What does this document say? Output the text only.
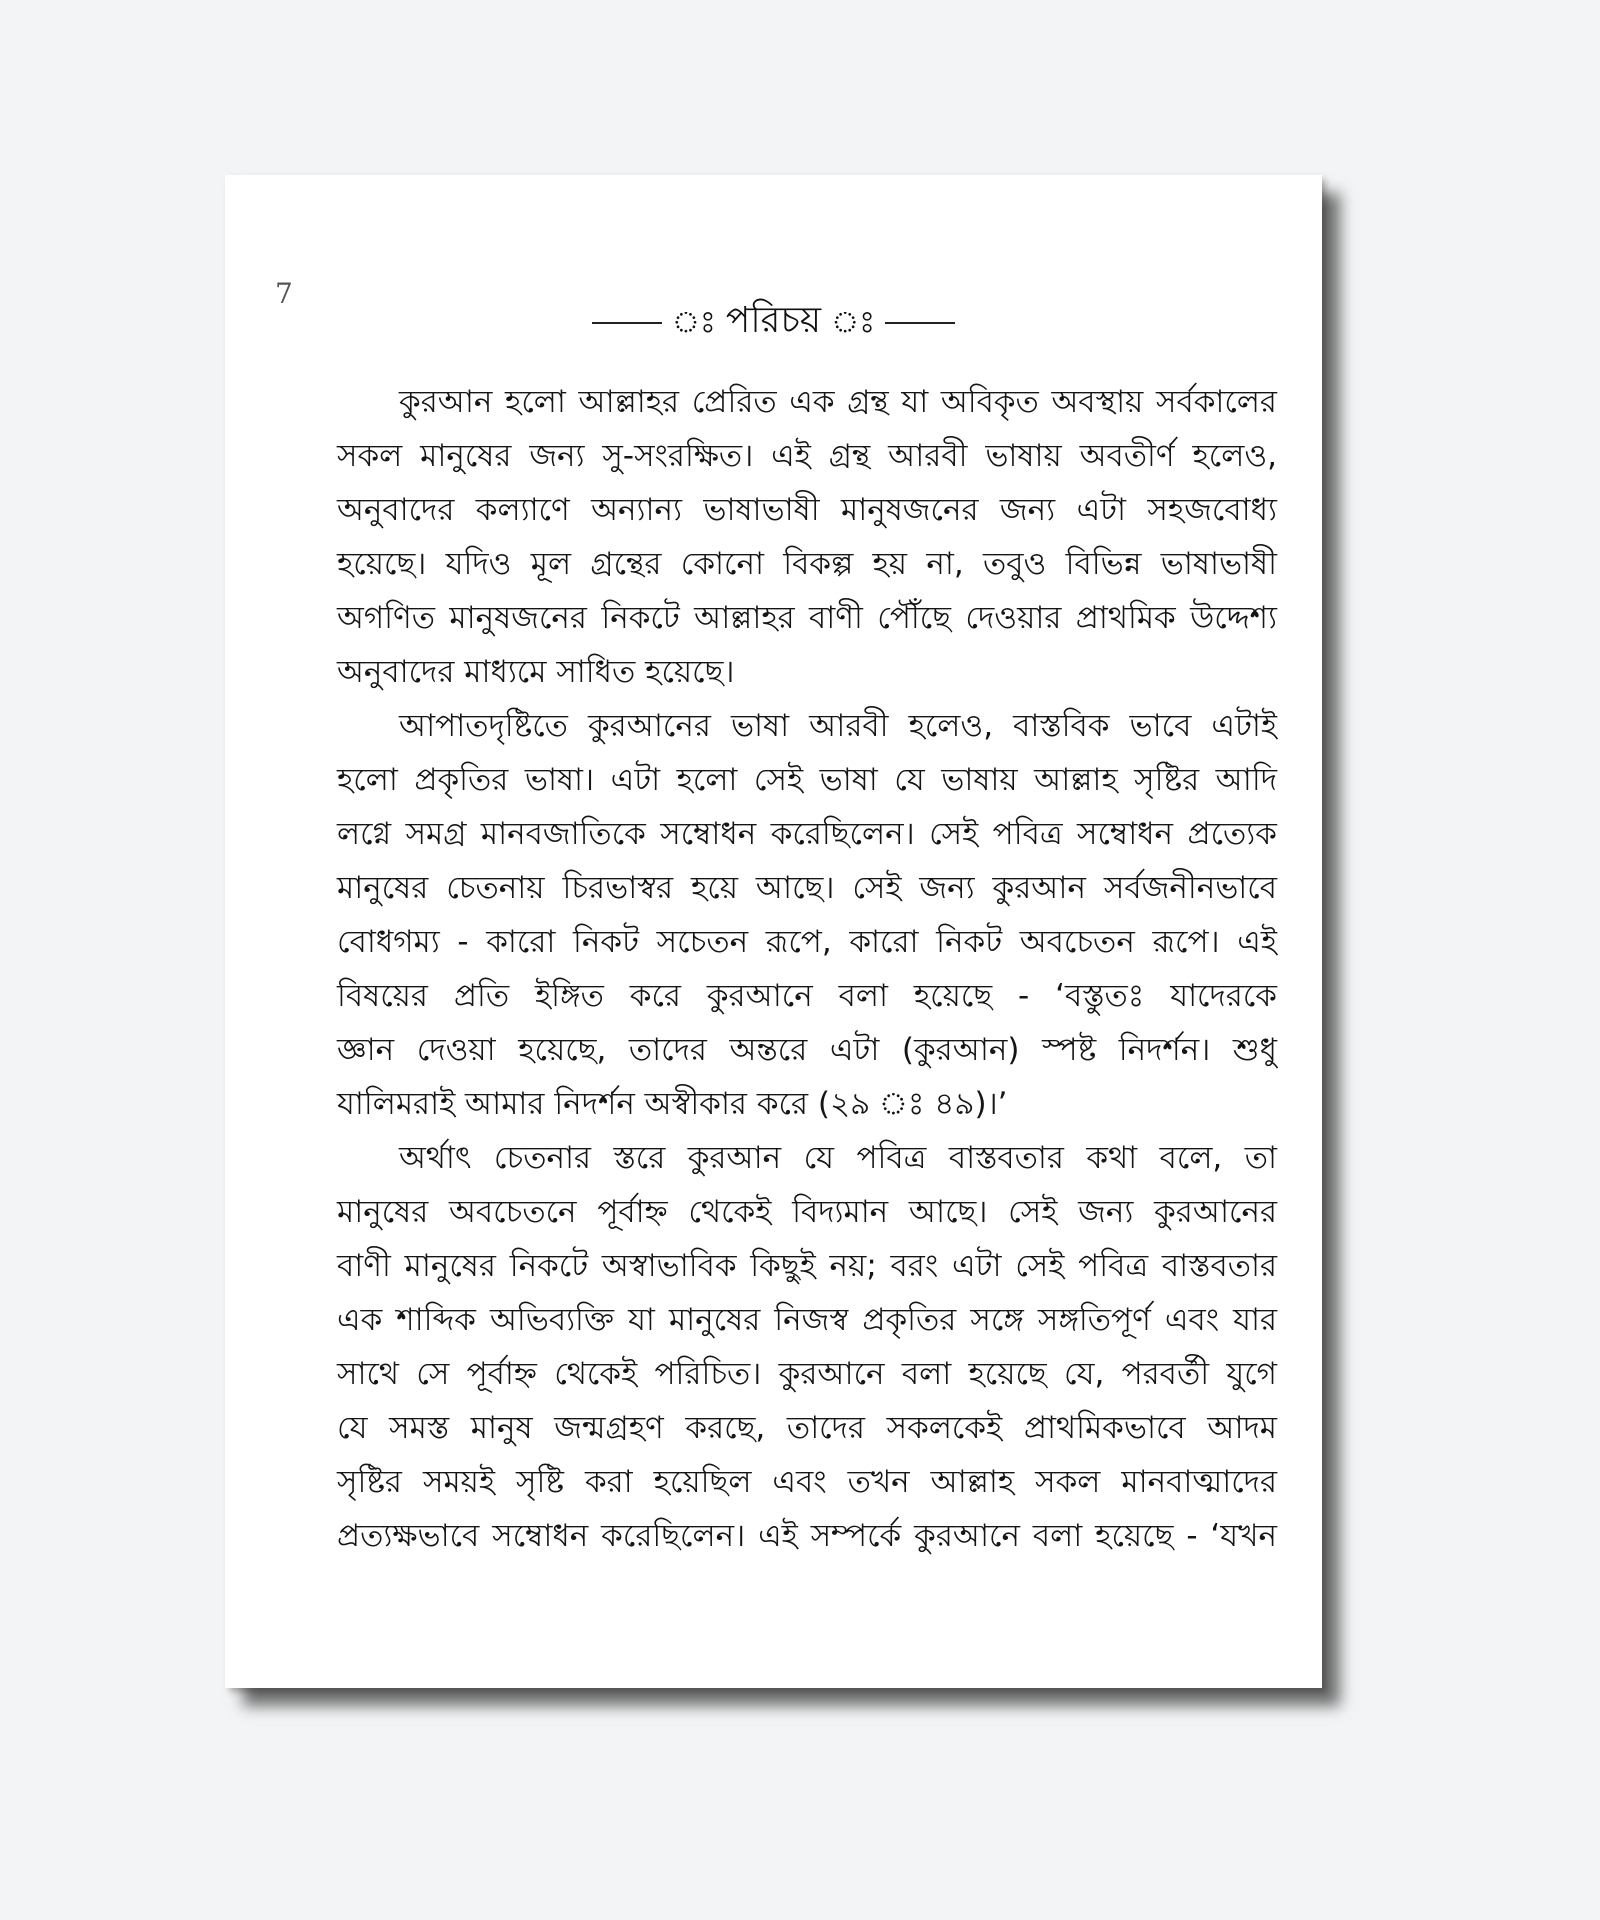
7
ঃ পরিচয় ঃ
কুরআন হলো আল্লাহর প্রেরিত এক গ্রন্থ যা অবিকৃত অবস্থায় সর্বকালের
সকল মানুষের জন্য সু-সংরক্ষিত। এই গ্রন্থ আরবী ভাষায় অবতীর্ণ হলেও,
অনুবাদের কল্যাণে অন্যান্য ভাষাভাষী মানুষজনের জন্য এটা সহজবোধ্য
হয়েছে। যদিও মূল গ্রন্থের কোনো বিকল্প হয় না, তবুও বিভিন্ন ভাষাভাষী
অগণিত মানুষজনের নিকটে আল্লাহর বাণী পৌঁছে দেওয়ার প্রাথমিক উদ্দেশ্য
অনুবাদের মাধ্যমে সাধিত হয়েছে।
আপাতদৃষ্টিতে কুরআনের ভাষা আরবী হলেও, বাস্তবিক ভাবে এটাই
হলো প্রকৃতির ভাষা। এটা হলো সেই ভাষা যে ভাষায় আল্লাহ সৃষ্টির আদি
লগ্নে সমগ্র মানবজাতিকে সম্বোধন করেছিলেন। সেই পবিত্র সম্বোধন প্রত্যেক
মানুষের চেতনায় চিরভাস্বর হয়ে আছে। সেই জন্য কুরআন সর্বজনীনভাবে
বোধগম্য - কারো নিকট সচেতন রূপে, কারো নিকট অবচেতন রূপে। এই
বিষয়ের প্রতি ইঙ্গিত করে কুরআনে বলা হয়েছে - ‘বস্তুতঃ যাদেরকে
জ্ঞান দেওয়া হয়েছে, তাদের অন্তরে এটা (কুরআন) স্পষ্ট নিদর্শন। শুধু
যালিমরাই আমার নিদর্শন অস্বীকার করে (২৯ ঃ ৪৯)।’
অর্থাৎ চেতনার স্তরে কুরআন যে পবিত্র বাস্তবতার কথা বলে, তা
মানুষের অবচেতনে পূর্বাহ্ন থেকেই বিদ্যমান আছে। সেই জন্য কুরআনের
বাণী মানুষের নিকটে অস্বাভাবিক কিছুই নয়; বরং এটা সেই পবিত্র বাস্তবতার
এক শাব্দিক অভিব্যক্তি যা মানুষের নিজস্ব প্রকৃতির সঙ্গে সঙ্গতিপূর্ণ এবং যার
সাথে সে পূর্বাহ্ন থেকেই পরিচিত। কুরআনে বলা হয়েছে যে, পরবর্তী যুগে
যে সমস্ত মানুষ জন্মগ্রহণ করছে, তাদের সকলকেই প্রাথমিকভাবে আদম
সৃষ্টির সময়ই সৃষ্টি করা হয়েছিল এবং তখন আল্লাহ সকল মানবাত্মাদের
প্রত্যক্ষভাবে সম্বোধন করেছিলেন। এই সম্পর্কে কুরআনে বলা হয়েছে - ‘যখন
